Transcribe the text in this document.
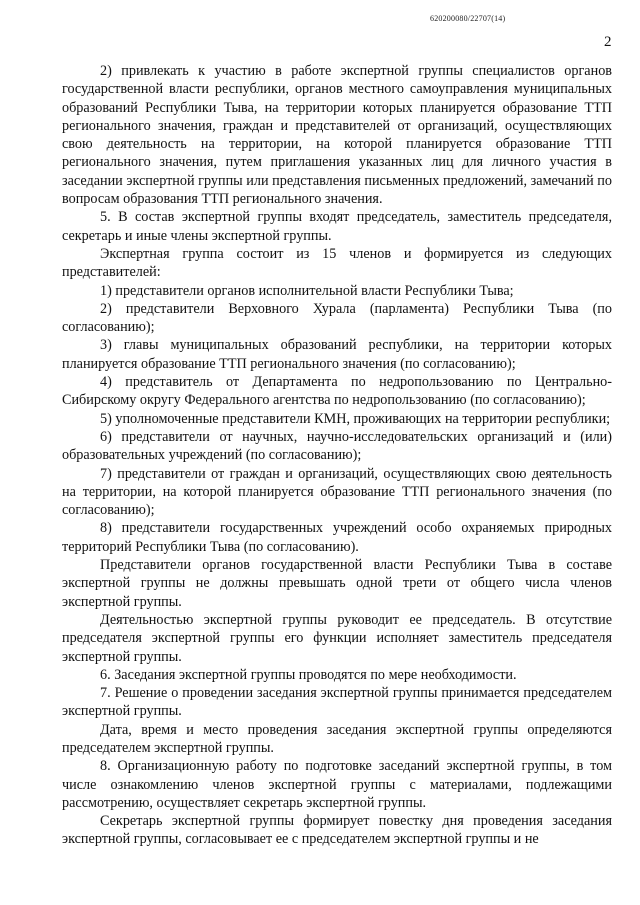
620200080/22707(14)
2

2) привлекать к участию в работе экспертной группы специалистов органов государственной власти республики, органов местного самоуправления муниципальных образований Республики Тыва, на территории которых планируется образование ТТП регионального значения, граждан и представителей от организаций, осуществляющих свою деятельность на территории, на которой планируется образование ТТП регионального значения, путем приглашения указанных лиц для личного участия в заседании экспертной группы или представления письменных предложений, замечаний по вопросам образования ТТП регионального значения.

5. В состав экспертной группы входят председатель, заместитель председателя, секретарь и иные члены экспертной группы.

Экспертная группа состоит из 15 членов и формируется из следующих представителей:

1) представители органов исполнительной власти Республики Тыва;

2) представители Верховного Хурала (парламента) Республики Тыва (по согласованию);

3) главы муниципальных образований республики, на территории которых планируется образование ТТП регионального значения (по согласованию);

4) представитель от Департамента по недропользованию по Центрально-Сибирскому округу Федерального агентства по недропользованию (по согласованию);

5) уполномоченные представители КМН, проживающих на территории республики;

6) представители от научных, научно-исследовательских организаций и (или) образовательных учреждений (по согласованию);

7) представители от граждан и организаций, осуществляющих свою деятельность на территории, на которой планируется образование ТТП регионального значения (по согласованию);

8) представители государственных учреждений особо охраняемых природных территорий Республики Тыва (по согласованию).

Представители органов государственной власти Республики Тыва в составе экспертной группы не должны превышать одной трети от общего числа членов экспертной группы.

Деятельностью экспертной группы руководит ее председатель. В отсутствие председателя экспертной группы его функции исполняет заместитель председателя экспертной группы.

6. Заседания экспертной группы проводятся по мере необходимости.

7. Решение о проведении заседания экспертной группы принимается председателем экспертной группы.

Дата, время и место проведения заседания экспертной группы определяются председателем экспертной группы.

8. Организационную работу по подготовке заседаний экспертной группы, в том числе ознакомлению членов экспертной группы с материалами, подлежащими рассмотрению, осуществляет секретарь экспертной группы.

Секретарь экспертной группы формирует повестку дня проведения заседания экспертной группы, согласовывает ее с председателем экспертной группы и не
